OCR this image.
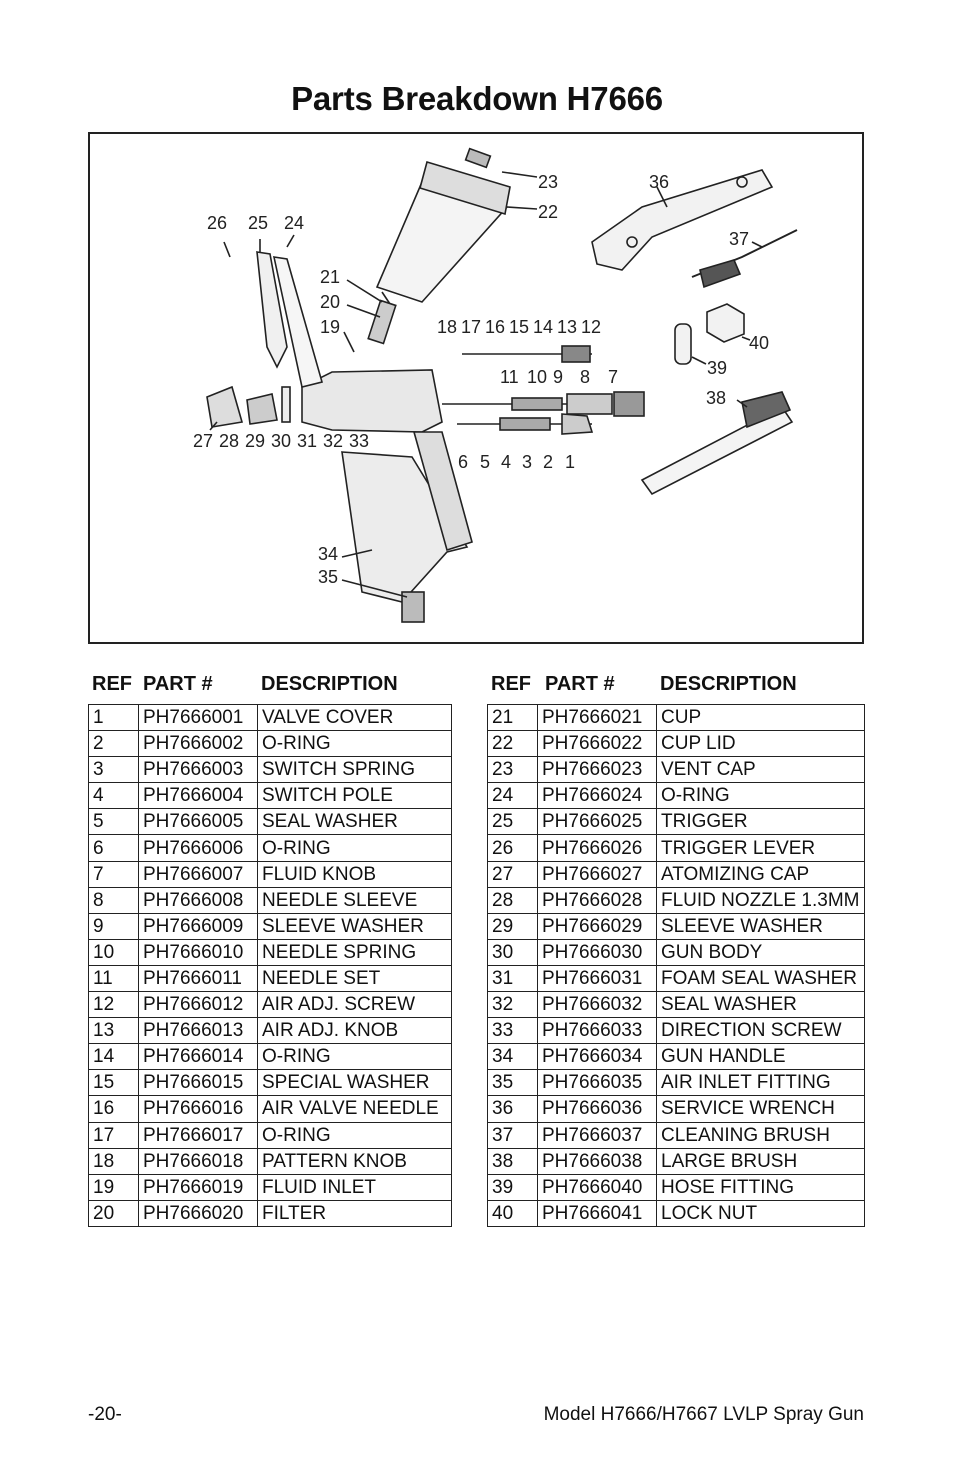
Parts Breakdown H7666
23
22
36
26 25 24
37
21
20
19	18 17 16 15 14 13 12
40
39
11 10 9 8 7
38
27 28 29 30 31 32 33
6 5 4 3 2 1
34
35
REF PART # DESCRIPTION	REF PART # DESCRIPTION
1	PH7666001	VALVE COVER
2	PH7666002	O-RING
3	PH7666003	SWITCH SPRING
4	PH7666004	SWITCH POLE
5	PH7666005	SEAL WASHER
6	PH7666006	O-RING
7	PH7666007	FLUID KNOB
8	PH7666008	NEEDLE SLEEVE
9	PH7666009	SLEEVE WASHER
10	PH7666010	NEEDLE SPRING
11	PH7666011	NEEDLE SET
12	PH7666012	AIR ADJ. SCREW
13	PH7666013	AIR ADJ. KNOB
14	PH7666014	O-RING
15	PH7666015	SPECIAL WASHER
16	PH7666016	AIR VALVE NEEDLE
17	PH7666017	O-RING
18	PH7666018	PATTERN KNOB
19	PH7666019	FLUID INLET
20	PH7666020	FILTER
21	PH7666021	CUP
22	PH7666022	CUP LID
23	PH7666023	VENT CAP
24	PH7666024	O-RING
25	PH7666025	TRIGGER
26	PH7666026	TRIGGER LEVER
27	PH7666027	ATOMIZING CAP
28	PH7666028	FLUID NOZZLE 1.3MM
29	PH7666029	SLEEVE WASHER
30	PH7666030	GUN BODY
31	PH7666031	FOAM SEAL WASHER
32	PH7666032	SEAL WASHER
33	PH7666033	DIRECTION SCREW
34	PH7666034	GUN HANDLE
35	PH7666035	AIR INLET FITTING
36	PH7666036	SERVICE WRENCH
37	PH7666037	CLEANING BRUSH
38	PH7666038	LARGE BRUSH
39	PH7666040	HOSE FITTING
40	PH7666041	LOCK NUT
-20-	Model H7666/H7667 LVLP Spray Gun
